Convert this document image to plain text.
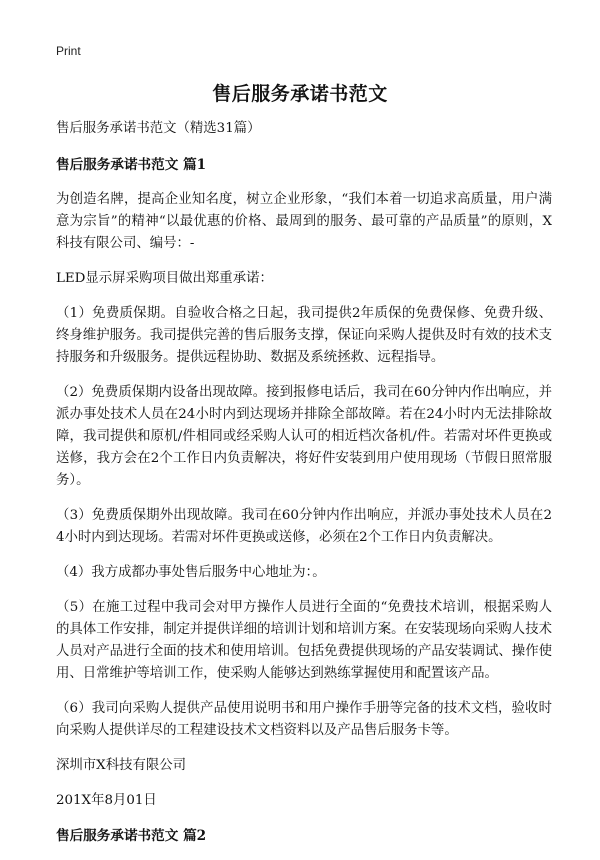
Print
售后服务承诺书范文

售后服务承诺书范文（精选31篇）

售后服务承诺书范文 篇1

为创造名牌，提高企业知名度，树立企业形象，“我们本着一切追求高质量，用户满意为宗旨”的精神“以最优惠的价格、最周到的服务、最可靠的产品质量”的原则，X科技有限公司、编号：-

LED显示屏采购项目做出郑重承诺：

（1）免费质保期。自验收合格之日起，我司提供2年质保的免费保修、免费升级、终身维护服务。我司提供完善的售后服务支撑，保证向采购人提供及时有效的技术支持服务和升级服务。提供远程协助、数据及系统拯救、远程指导。

（2）免费质保期内设备出现故障。接到报修电话后，我司在60分钟内作出响应，并派办事处技术人员在24小时内到达现场并排除全部故障。若在24小时内无法排除故障，我司提供和原机/件相同或经采购人认可的相近档次备机/件。若需对坏件更换或送修，我方会在2个工作日内负责解决，将好件安装到用户使用现场（节假日照常服务）。

（3）免费质保期外出现故障。我司在60分钟内作出响应，并派办事处技术人员在24小时内到达现场。若需对坏件更换或送修，必须在2个工作日内负责解决。

（4）我方成都办事处售后服务中心地址为：。

（5）在施工过程中我司会对甲方操作人员进行全面的“免费技术培训，根据采购人的具体工作安排，制定并提供详细的培训计划和培训方案。在安装现场向采购人技术人员对产品进行全面的技术和使用培训。包括免费提供现场的产品安装调试、操作使用、日常维护等培训工作，使采购人能够达到熟练掌握使用和配置该产品。

（6）我司向采购人提供产品使用说明书和用户操作手册等完备的技术文档，验收时向采购人提供详尽的工程建设技术文档资料以及产品售后服务卡等。

深圳市X科技有限公司

201X年8月01日

售后服务承诺书范文 篇2
